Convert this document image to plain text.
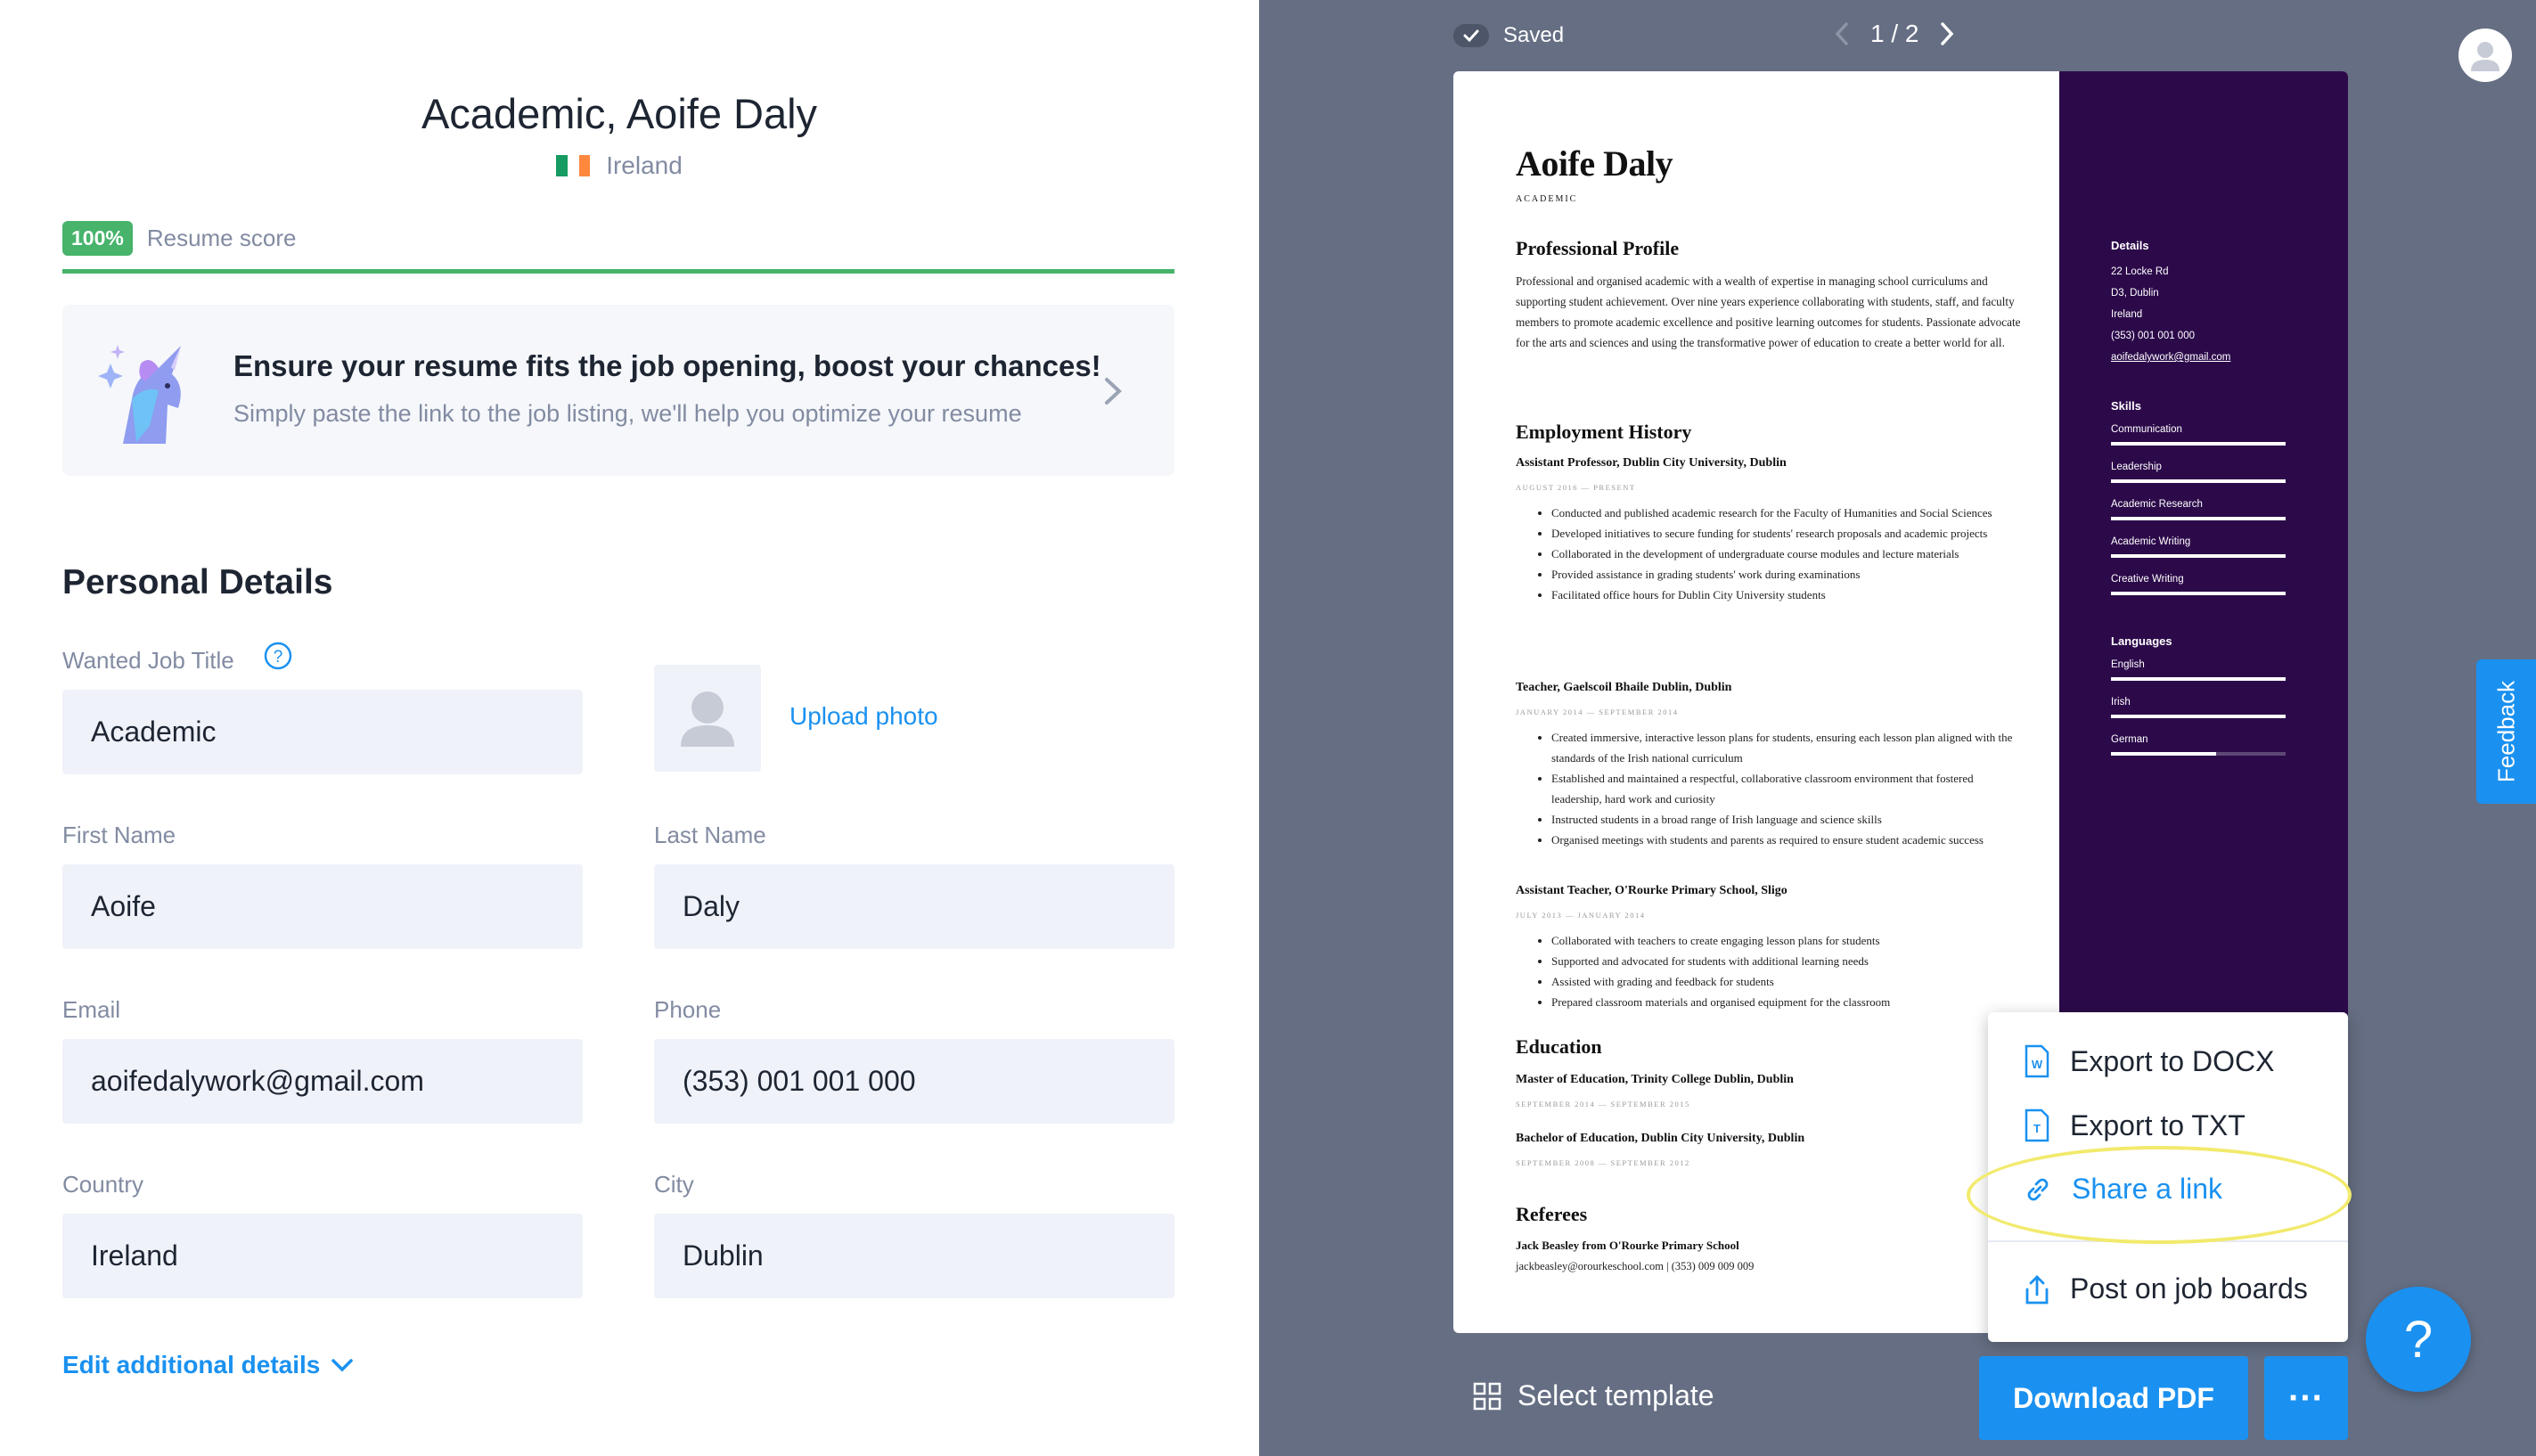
Academic, Aoife Daly
Ireland
100%	Resume score
Ensure your resume fits the job opening, boost your chances!
Simply paste the link to the job listing, we'll help you optimize your resume
Personal Details
Wanted Job Title ?
Academic	Upload photo
First Name
Aoife
Last Name
Daly
Email
aoifedalywork@gmail.com
Phone
(353) 001 001 000
Country
Ireland
City
Dublin
Edit additional details
Saved	1 / 2
Aoife Daly
ACADEMIC
Professional Profile
Professional and organised academic with a wealth of expertise in managing school curriculums and supporting student achievement. Over nine years experience collaborating with students, staff, and faculty members to promote academic excellence and positive learning outcomes for students. Passionate advocate for the arts and sciences and using the transformative power of education to create a better world for all.
Employment History
Assistant Professor, Dublin City University, Dublin
AUGUST 2016 — PRESENT
• Conducted and published academic research for the Faculty of Humanities and Social Sciences
• Developed initiatives to secure funding for students' research proposals and academic projects
• Collaborated in the development of undergraduate course modules and lecture materials
• Provided assistance in grading students' work during examinations
• Facilitated office hours for Dublin City University students
Teacher, Gaelscoil Bhaile Dublin, Dublin
JANUARY 2014 — SEPTEMBER 2014
• Created immersive, interactive lesson plans for students, ensuring each lesson plan aligned with the standards of the Irish national curriculum
• Established and maintained a respectful, collaborative classroom environment that fostered leadership, hard work and curiosity
• Instructed students in a broad range of Irish language and science skills
• Organised meetings with students and parents as required to ensure student academic success
Assistant Teacher, O'Rourke Primary School, Sligo
JULY 2013 — JANUARY 2014
• Collaborated with teachers to create engaging lesson plans for students
• Supported and advocated for students with additional learning needs
• Assisted with grading and feedback for students
• Prepared classroom materials and organised equipment for the classroom
Education
Master of Education, Trinity College Dublin, Dublin
SEPTEMBER 2014 — SEPTEMBER 2015
Bachelor of Education, Dublin City University, Dublin
SEPTEMBER 2008 — SEPTEMBER 2012
Referees
Jack Beasley from O'Rourke Primary School
jackbeasley@orourkeschool.com | (353) 009 009 009
Details
22 Locke Rd
D3, Dublin
Ireland
(353) 001 001 000
aoifedalywork@gmail.com
Skills
Communication
Leadership
Academic Research
Academic Writing
Creative Writing
Languages
English
Irish
German
W Export to DOCX
T Export to TXT
Share a link
Post on job boards
Select template	Download PDF	···
Feedback
?
